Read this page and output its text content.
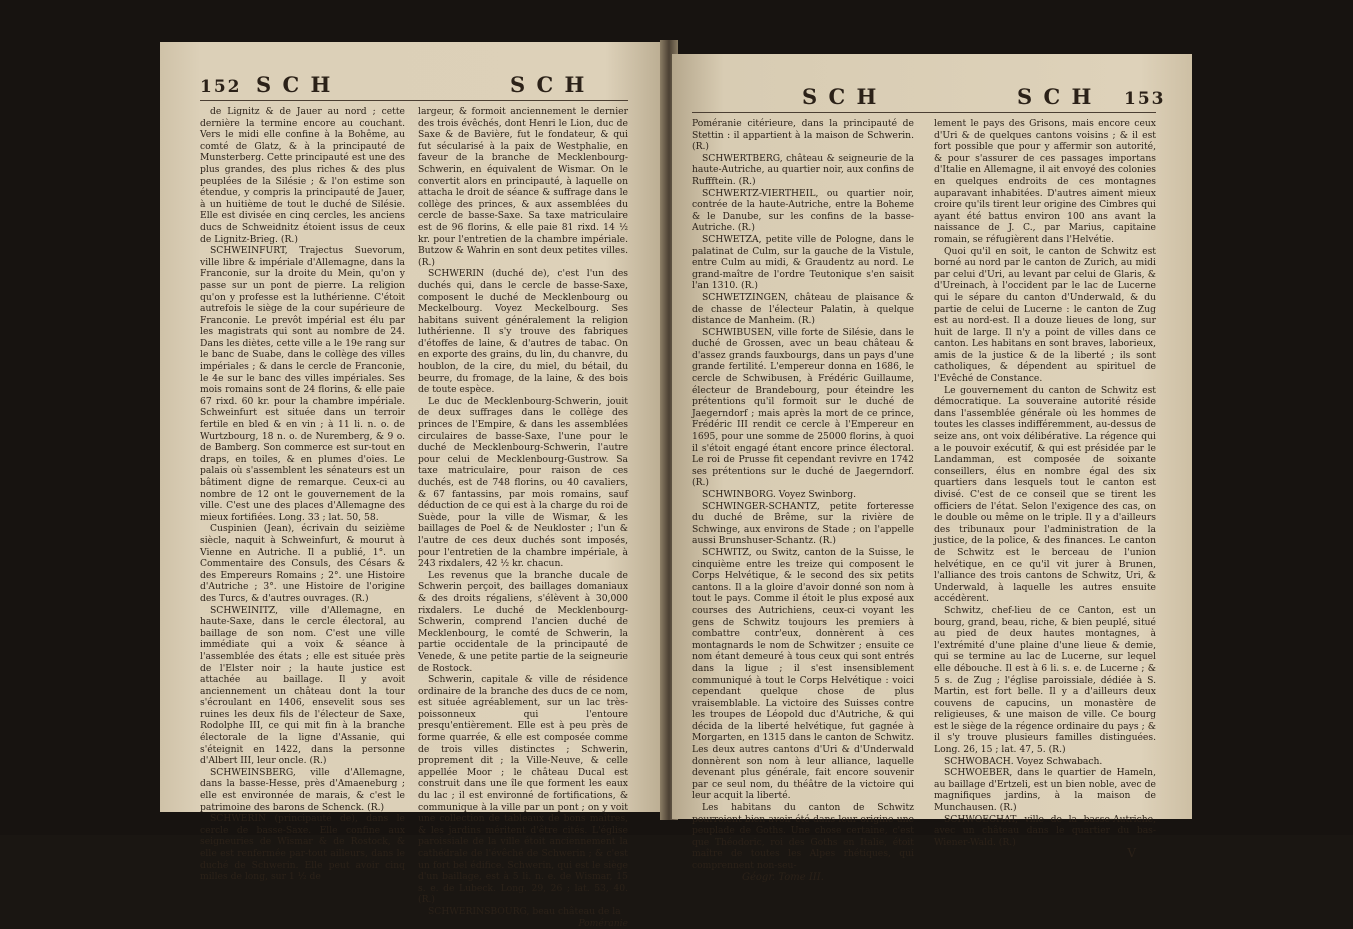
152 S C H	S C H

de Lignitz & de Jauer au nord ; cette dernière la termine encore au couchant. Vers le midi elle confine à la Bohême, au comté de Glatz, & à la principauté de Munsterberg. Cette principauté est une des plus grandes, des plus riches & des plus peuplées de la Silésie ; & l'on estime son étendue, y compris la principauté de Jauer, à un huitième de tout le duché de Silésie. Elle est divisée en cinq cercles, les anciens ducs de Schweidnitz étoient issus de ceux de Lignitz-Brieg. (R.)

SCHWEINFURT, Trajectus Suevorum, ville libre & impériale d'Allemagne, dans la Franconie, sur la droite du Mein, qu'on y passe sur un pont de pierre. La religion qu'on y professe est la luthérienne. C'étoit autrefois le siège de la cour supérieure de Franconie. Le prevôt impérial est élu par les magistrats qui sont au nombre de 24. Dans les diètes, cette ville a le 19e rang sur le banc de Suabe, dans le collège des villes impériales ; & dans le cercle de Franconie, le 4e sur le banc des villes impériales. Ses mois romains sont de 24 florins, & elle paie 67 rixd. 60 kr. pour la chambre impériale. Schweinfurt est située dans un terroir fertile en bled & en vin ; à 11 li. n. o. de Wurtzbourg, 18 n. o. de Nuremberg, & 9 o. de Bamberg. Son commerce est sur-tout en draps, en toiles, & en plumes d'oies. Le palais où s'assemblent les sénateurs est un bâtiment digne de remarque. Ceux-ci au nombre de 12 ont le gouvernement de la ville. C'est une des places d'Allemagne des mieux fortifiées. Long. 33 ; lat. 50, 58.

Cuspinien (Jean), écrivain du seizième siècle, naquit à Schweinfurt, & mourut à Vienne en Autriche. Il a publié, 1°. un Commentaire des Consuls, des Césars & des Empereurs Romains ; 2°. une Histoire d'Autriche ; 3°. une Histoire de l'origine des Turcs, & d'autres ouvrages. (R.)

SCHWEINITZ, ville d'Allemagne, en haute-Saxe, dans le cercle électoral, au baillage de son nom. C'est une ville immédiate qui a voix & séance à l'assemblée des états ; elle est située près de l'Elster noir ; la haute justice est attachée au baillage. Il y avoit anciennement un château dont la tour s'écroulant en 1406, ensevelit sous ses ruines les deux fils de l'électeur de Saxe, Rodolphe III, ce qui mit fin à la branche électorale de la ligne d'Assanie, qui s'éteignit en 1422, dans la personne d'Albert III, leur oncle. (R.)

SCHWEINSBERG, ville d'Allemagne, dans la basse-Hesse, près d'Amaeneburg ; elle est environnée de marais, & c'est le patrimoine des barons de Schenck. (R.)

SCHWERIN (principauté de), dans le cercle de basse-Saxe. Elle confine aux seigneuries de Wismar & de Rostock, & elle est renfermée par-tout ailleurs, dans le duché de Schwerin. Elle peut avoir cinq milles de long, sur 1 ½ de

largeur, & formoit anciennement le dernier des trois évêchés, dont Henri le Lion, duc de Saxe & de Bavière, fut le fondateur, & qui fut sécularisé à la paix de Westphalie, en faveur de la branche de Mecklenbourg-Schwerin, en équivalent de Wismar. On le convertit alors en principauté, à laquelle on attacha le droit de séance & suffrage dans le collège des princes, & aux assemblées du cercle de basse-Saxe. Sa taxe matriculaire est de 96 florins, & elle paie 81 rixd. 14 ½ kr. pour l'entretien de la chambre impériale. Butzow & Wahrin en sont deux petites villes. (R.)

SCHWERIN (duché de), c'est l'un des duchés qui, dans le cercle de basse-Saxe, composent le duché de Mecklenbourg ou Meckelbourg. Voyez Meckelbourg. Ses habitans suivent généralement la religion luthérienne. Il s'y trouve des fabriques d'étoffes de laine, & d'autres de tabac. On en exporte des grains, du lin, du chanvre, du houblon, de la cire, du miel, du bétail, du beurre, du fromage, de la laine, & des bois de toute espèce.

Le duc de Mecklenbourg-Schwerin, jouit de deux suffrages dans le collège des princes de l'Empire, & dans les assemblées circulaires de basse-Saxe, l'une pour le duché de Mecklenbourg-Schwerin, l'autre pour celui de Mecklenbourg-Gustrow. Sa taxe matriculaire, pour raison de ces duchés, est de 748 florins, ou 40 cavaliers, & 67 fantassins, par mois romains, sauf déduction de ce qui est à la charge du roi de Suède, pour la ville de Wismar, & les baillages de Poel & de Neukloster ; l'un & l'autre de ces deux duchés sont imposés, pour l'entretien de la chambre impériale, à 243 rixdalers, 42 ½ kr. chacun.

Les revenus que la branche ducale de Schwerin perçoit, des baillages domaniaux & des droits régaliens, s'élèvent à 30,000 rixdalers. Le duché de Mecklenbourg-Schwerin, comprend l'ancien duché de Mecklenbourg, le comté de Schwerin, la partie occidentale de la principauté de Venede, & une petite partie de la seigneurie de Rostock.

Schwerin, capitale & ville de résidence ordinaire de la branche des ducs de ce nom, est située agréablement, sur un lac très-poissonneux qui l'entoure presqu'entièrement. Elle est à peu près de forme quarrée, & elle est composée comme de trois villes distinctes ; Schwerin, proprement dit ; la Ville-Neuve, & celle appellée Moor ; le château Ducal est construit dans une île que forment les eaux du lac ; il est environné de fortifications, & communique à la ville par un pont ; on y voit une collection de tableaux de bons maîtres, & les jardins méritent d'être cités. L'église paroissiale de la ville étoit anciennement la cathédrale de l'évêché de Schwerin ; & c'est un fort bel édifice. Schwerin, qui est le siège d'un baillage, est à 5 li. n. e. de Wismar, 15 s. e. de Lubeck. Long. 29, 26 ; lat. 53, 40. (R.)

SCHWERINSBOURG, beau château de la

Poméranie
S C H	S C H 153

Poméranie citérieure, dans la principauté de Stettin : il appartient à la maison de Schwerin. (R.)

SCHWERTBERG, château & seigneurie de la haute-Autriche, au quartier noir, aux confins de Ruffftein. (R.)

SCHWERTZ-VIERTHEIL, ou quartier noir, contrée de la haute-Autriche, entre la Boheme & le Danube, sur les confins de la basse-Autriche. (R.)

SCHWETZA, petite ville de Pologne, dans le palatinat de Culm, sur la gauche de la Vistule, entre Culm au midi, & Graudentz au nord. Le grand-maître de l'ordre Teutonique s'en saisit l'an 1310. (R.)

SCHWETZINGEN, château de plaisance & de chasse de l'électeur Palatin, à quelque distance de Manheim. (R.)

SCHWIBUSEN, ville forte de Silésie, dans le duché de Grossen, avec un beau château & d'assez grands fauxbourgs, dans un pays d'une grande fertilité. L'empereur donna en 1686, le cercle de Schwibusen, à Frédéric Guillaume, électeur de Brandebourg, pour éteindre les prétentions qu'il formoit sur le duché de Jaegerndorf ; mais après la mort de ce prince, Frédéric III rendit ce cercle à l'Empereur en 1695, pour une somme de 25000 florins, à quoi il s'étoit engagé étant encore prince électoral. Le roi de Prusse fit cependant revivre en 1742 ses prétentions sur le duché de Jaegerndorf. (R.)

SCHWINBORG. Voyez Swinborg.

SCHWINGER-SCHANTZ, petite forteresse du duché de Brême, sur la rivière de Schwinge, aux environs de Stade ; on l'appelle aussi Brunshuser-Schantz. (R.)

SCHWITZ, ou Switz, canton de la Suisse, le cinquième entre les treize qui composent le Corps Helvétique, & le second des six petits cantons. Il a la gloire d'avoir donné son nom à tout le pays. Comme il étoit le plus exposé aux courses des Autrichiens, ceux-ci voyant les gens de Schwitz toujours les premiers à combattre contr'eux, donnèrent à ces montagnards le nom de Schwitzer ; ensuite ce nom étant demeuré à tous ceux qui sont entrés dans la ligue ; il s'est insensiblement communiqué à tout le Corps Helvétique : voici cependant quelque chose de plus vraisemblable. La victoire des Suisses contre les troupes de Léopold duc d'Autriche, & qui décida de la liberté helvétique, fut gagnée à Morgarten, en 1315 dans le canton de Schwitz. Les deux autres cantons d'Uri & d'Underwald donnèrent son nom à leur alliance, laquelle devenant plus générale, fait encore souvenir par ce seul nom, du théâtre de la victoire qui leur acquit la liberté.

Les habitans du canton de Schwitz pourroient bien avoir été dans leur origine une peuplade de Goths. Une chose certaine, c'est que Théodoric, roi des Goths en Italie, étoit maître de toutes les Alpes rhétiques, qui comprennent non-seu-

Géogr. Tome III.

lement le pays des Grisons, mais encore ceux d'Uri & de quelques cantons voisins ; & il est fort possible que pour y affermir son autorité, & pour s'assurer de ces passages importans d'Italie en Allemagne, il ait envoyé des colonies en quelques endroits de ces montagnes auparavant inhabitées. D'autres aiment mieux croire qu'ils tirent leur origine des Cimbres qui ayant été battus environ 100 ans avant la naissance de J. C., par Marius, capitaine romain, se réfugièrent dans l'Helvétie.

Quoi qu'il en soit, le canton de Schwitz est borné au nord par le canton de Zurich, au midi par celui d'Uri, au levant par celui de Glaris, & d'Ureinach, à l'occident par le lac de Lucerne qui le sépare du canton d'Underwald, & du partie de celui de Lucerne : le canton de Zug est au nord-est. Il a douze lieues de long, sur huit de large. Il n'y a point de villes dans ce canton. Les habitans en sont braves, laborieux, amis de la justice & de la liberté ; ils sont catholiques, & dépendent au spirituel de l'Evêché de Constance.

Le gouvernement du canton de Schwitz est démocratique. La souveraine autorité réside dans l'assemblée générale où les hommes de toutes les classes indifféremment, au-dessus de seize ans, ont voix délibérative. La régence qui a le pouvoir exécutif, & qui est présidée par le Landamman, est composée de soixante conseillers, élus en nombre égal des six quartiers dans lesquels tout le canton est divisé. C'est de ce conseil que se tirent les officiers de l'état. Selon l'exigence des cas, on le double ou même on le triple. Il y a d'ailleurs des tribunaux pour l'administration de la justice, de la police, & des finances. Le canton de Schwitz est le berceau de l'union helvétique, en ce qu'il vit jurer à Brunen, l'alliance des trois cantons de Schwitz, Uri, & Underwald, à laquelle les autres ensuite accédèrent.

Schwitz, chef-lieu de ce Canton, est un bourg, grand, beau, riche, & bien peuplé, situé au pied de deux hautes montagnes, à l'extrémité d'une plaine d'une lieue & demie, qui se termine au lac de Lucerne, sur lequel elle débouche. Il est à 6 li. s. e. de Lucerne ; & 5 s. de Zug ; l'église paroissiale, dédiée à S. Martin, est fort belle. Il y a d'ailleurs deux couvens de capucins, un monastère de religieuses, & une maison de ville. Ce bourg est le siège de la régence ordinaire du pays ; & il s'y trouve plusieurs familles distinguées. Long. 26, 15 ; lat. 47, 5. (R.)

SCHWOBACH. Voyez Schwabach.

SCHWOEBER, dans le quartier de Hameln, au baillage d'Ertzeli, est un bien noble, avec de magnifiques jardins, à la maison de Munchausen. (R.)

SCHWOECHAT, ville de la basse-Autriche, avec un château dans le quartier du bas-Wiener-Wald. (R.)

V
